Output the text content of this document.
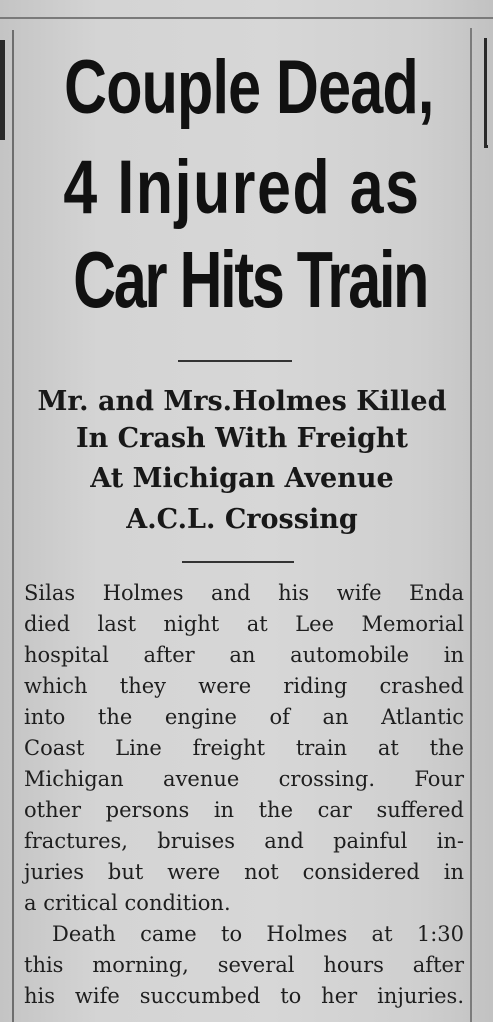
Couple Dead,
4 Injured as
Car Hits Train
Mr. and Mrs.Holmes Killed
In Crash With Freight
At Michigan Avenue
A.C.L. Crossing

Silas Holmes and his wife Enda

died last night at Lee Memorial

hospital after an automobile in

which they were riding crashed

into the engine of an Atlantic

Coast Line freight train at the

Michigan avenue crossing. Four

other persons in the car suffered

fractures, bruises and painful in-

juries but were not considered in

a critical condition.

Death came to Holmes at 1:30

this morning, several hours after

his wife succumbed to her injuries.
